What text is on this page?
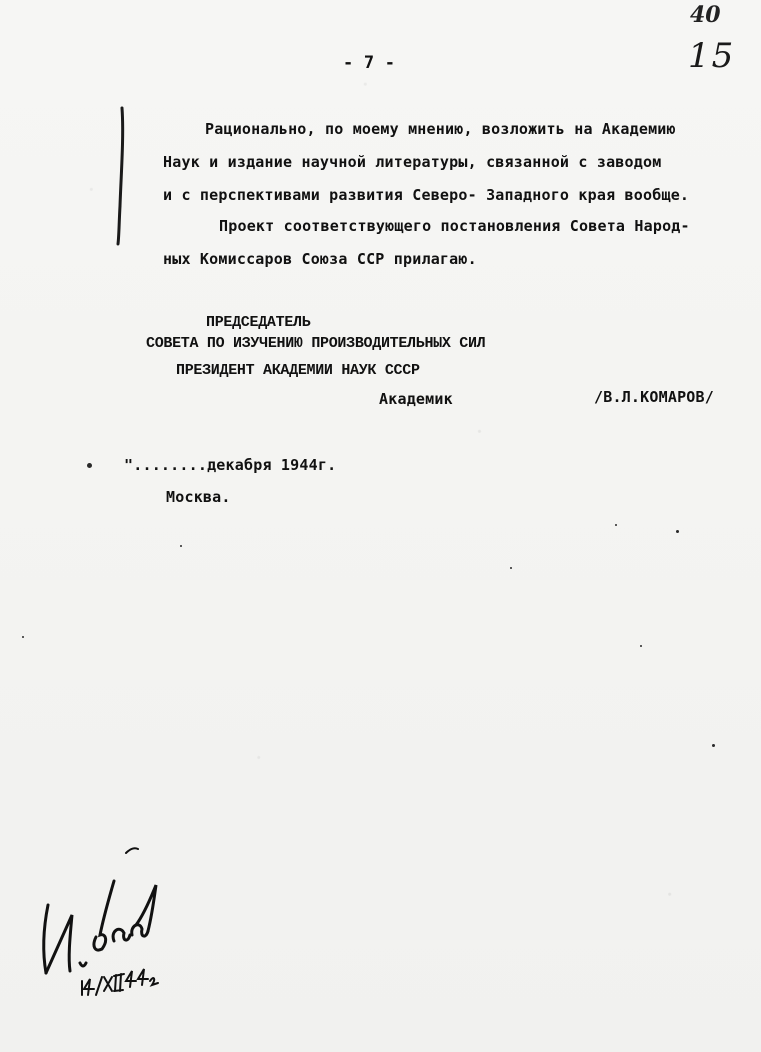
40
15
- 7 -
Рационально, по моему мнению, возложить на Академию
Наук и издание научной литературы, связанной с заводом
и с перспективами развития Северо- Западного края вообще.
Проект соответствующего постановления Совета Народ-
ных Комиссаров Союза ССР прилагаю.
ПРЕДСЕДАТЕЛЬ
СОВЕТА ПО ИЗУЧЕНИЮ ПРОИЗВОДИТЕЛЬНЫХ СИЛ
ПРЕЗИДЕНТ АКАДЕМИИ НАУК СССР
Академик	/В.Л.КОМАРОВ/
"........декабря 1944г.
Москва.
